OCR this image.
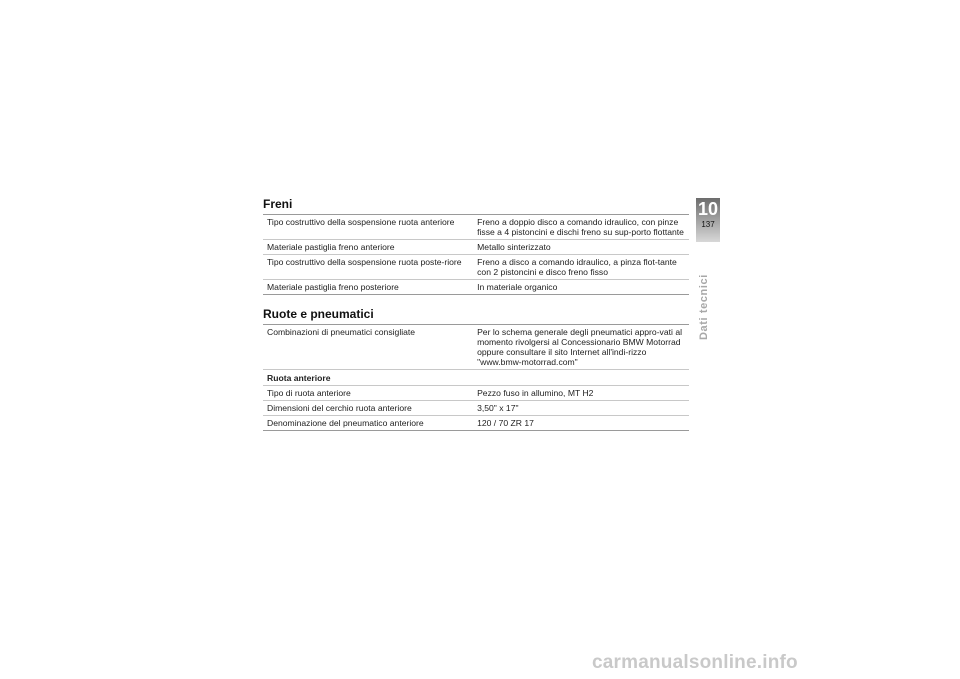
Freni
Tipo costruttivo della sospensione ruota anteriore	Freno a doppio disco a comando idraulico, con pinze fisse a 4 pistoncini e dischi freno su sup-porto flottante
Materiale pastiglia freno anteriore	Metallo sinterizzato
Tipo costruttivo della sospensione ruota poste-riore	Freno a disco a comando idraulico, a pinza flot-tante con 2 pistoncini e disco freno fisso
Materiale pastiglia freno posteriore	In materiale organico
Ruote e pneumatici
Combinazioni di pneumatici consigliate	Per lo schema generale degli pneumatici appro-vati al momento rivolgersi al Concessionario BMW Motorrad oppure consultare il sito Internet all'indi-rizzo "www.bmw-motorrad.com"
Ruota anteriore	
Tipo di ruota anteriore	Pezzo fuso in allumino, MT H2
Dimensioni del cerchio ruota anteriore	3,50" x 17"
Denominazione del pneumatico anteriore	120 / 70 ZR 17
10
137
Dati tecnici
carmanualsonline.info
